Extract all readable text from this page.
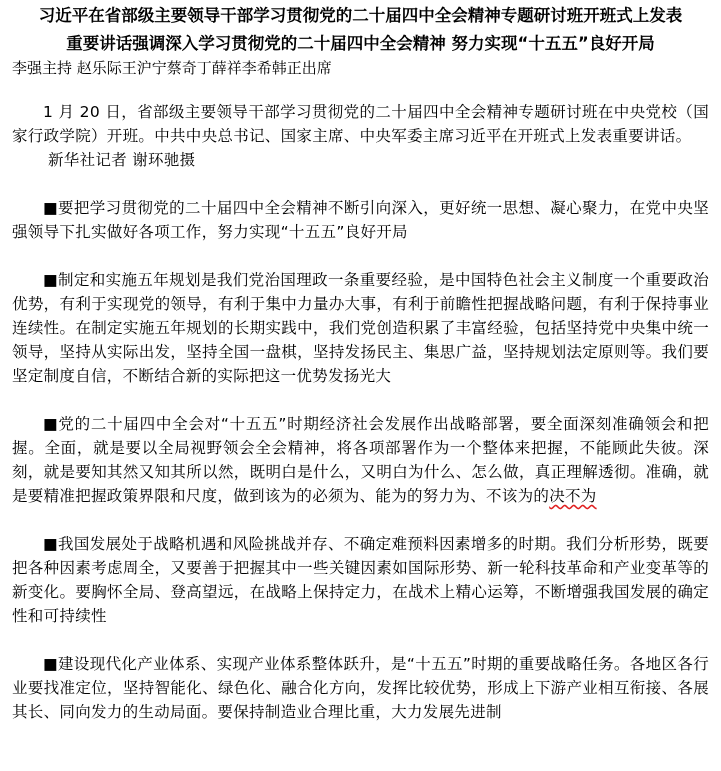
习近平在省部级主要领导干部学习贯彻党的二十届四中全会精神专题研讨班开班式上发表

重要讲话强调深入学习贯彻党的二十届四中全会精神 努力实现“十五五”良好开局

李强主持 赵乐际王沪宁蔡奇丁薛祥李希韩正出席

1 月 20 日，省部级主要领导干部学习贯彻党的二十届四中全会精神专题研讨班在中央党校（国家行政学院）开班。中共中央总书记、国家主席、中央军委主席习近平在开班式上发表重要讲话。

新华社记者 谢环驰摄

■要把学习贯彻党的二十届四中全会精神不断引向深入，更好统一思想、凝心聚力，在党中央坚强领导下扎实做好各项工作，努力实现“十五五”良好开局

■制定和实施五年规划是我们党治国理政一条重要经验，是中国特色社会主义制度一个重要政治优势，有利于实现党的领导，有利于集中力量办大事，有利于前瞻性把握战略问题，有利于保持事业连续性。在制定实施五年规划的长期实践中，我们党创造积累了丰富经验，包括坚持党中央集中统一领导，坚持从实际出发，坚持全国一盘棋，坚持发扬民主、集思广益，坚持规划法定原则等。我们要坚定制度自信，不断结合新的实际把这一优势发扬光大

■党的二十届四中全会对“十五五”时期经济社会发展作出战略部署，要全面深刻准确领会和把握。全面，就是要以全局视野领会全会精神，将各项部署作为一个整体来把握，不能顾此失彼。深刻，就是要知其然又知其所以然，既明白是什么，又明白为什么、怎么做，真正理解透彻。准确，就是要精准把握政策界限和尺度，做到该为的必须为、能为的努力为、不该为的决不为

■我国发展处于战略机遇和风险挑战并存、不确定难预料因素增多的时期。我们分析形势，既要把各种因素考虑周全，又要善于把握其中一些关键因素如国际形势、新一轮科技革命和产业变革等的新变化。要胸怀全局、登高望远，在战略上保持定力，在战术上精心运筹，不断增强我国发展的确定性和可持续性

■建设现代化产业体系、实现产业体系整体跃升，是“十五五”时期的重要战略任务。各地区各行业要找准定位，坚持智能化、绿色化、融合化方向，发挥比较优势，形成上下游产业相互衔接、各展其长、同向发力的生动局面。要保持制造业合理比重，大力发展先进制
